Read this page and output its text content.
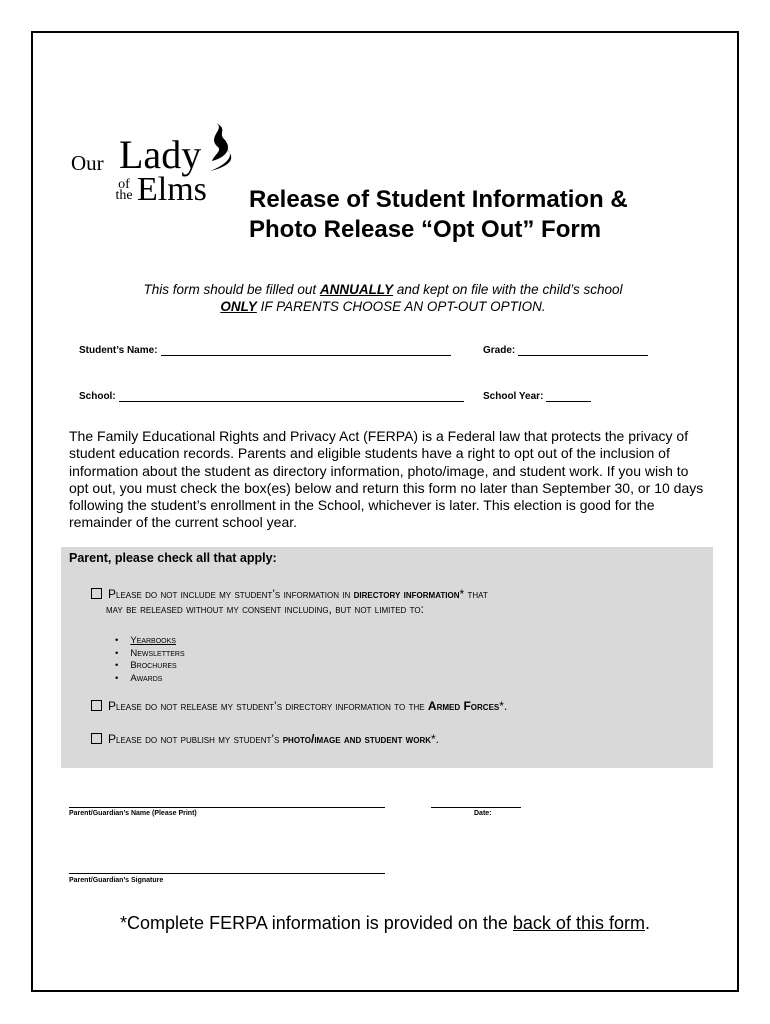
Our Lady
of
the Elms Release of Student Information &
Photo Release “Opt Out” Form
This form should be filled out ANNUALLY and kept on file with the child’s school
ONLY IF PARENTS CHOOSE AN OPT-OUT OPTION.
Student’s Name:	Grade:
School:	School Year:
The Family Educational Rights and Privacy Act (FERPA) is a Federal law that protects the privacy of student education records. Parents and eligible students have a right to opt out of the inclusion of information about the student as directory information, photo/image, and student work. If you wish to opt out, you must check the box(es) below and return this form no later than September 30, or 10 days following the student’s enrollment in the School, whichever is later. This election is good for the remainder of the current school year.
Parent, please check all that apply:
Please do not include my student’s information in directory information* that
may be released without my consent including, but not limited to:
• Yearbooks
• Newsletters
• Brochures
• Awards
Please do not release my student’s directory information to the Armed Forces*.
Please do not publish my student’s photo/image and student work*.
Parent/Guardian’s Name (Please Print)	Date:
Parent/Guardian’s Signature
*Complete FERPA information is provided on the back of this form.
